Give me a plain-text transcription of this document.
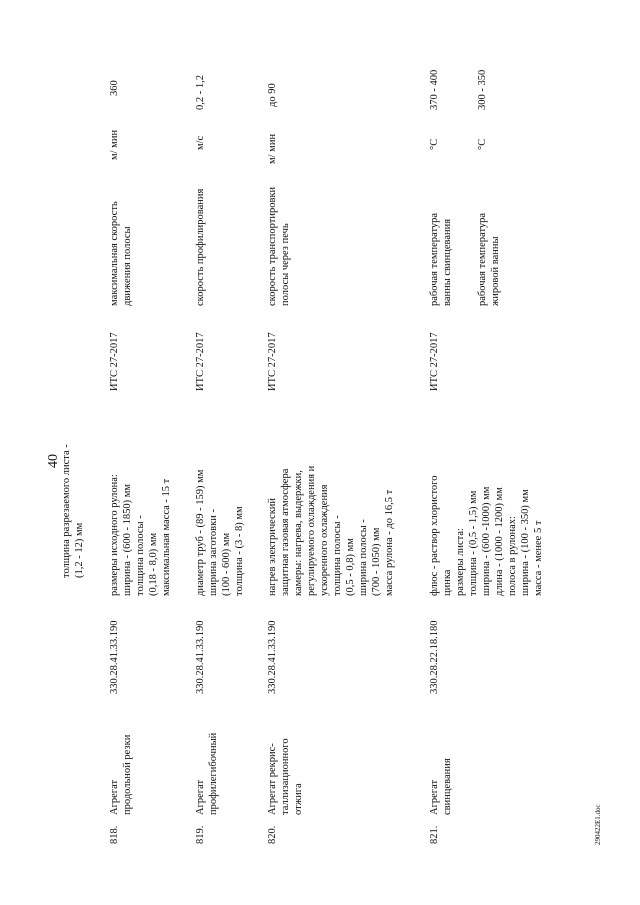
40
толщина разрезаемого листа -
(1,2 - 12) мм
818.
Агрегат
продольной резки
330.28.41.33.190
размеры исходного рулона:
ширина - (600 - 1850) мм
толщина полосы -
(0,18 - 8,0) мм
максимальная масса - 15 т
ИТС 27-2017
максимальная скорость
движения полосы
м/ мин
360
819.
Агрегат
профилегибочный
330.28.41.33.190
диаметр труб - (89 - 159) мм
ширина заготовки -
(100 - 600) мм
толщина - (3 - 8) мм
ИТС 27-2017
скорость профилирования
м/с
0,2 - 1,2
820.
Агрегат рекрис-
таллизационного
отжига
330.28.41.33.190
нагрев электрический
защитная газовая атмосфера
камеры: нагрева, выдержки,
регулируемого охлаждения и
ускоренного охлаждения
толщина полосы -
(0,5 - 0,8) мм
ширина полосы -
(700 - 1050) мм
масса рулона - до 16,5 т
ИТС 27-2017
скорость транспортировки
полосы через печь
м/ мин
до 90
821.
Агрегат
свинцевания
330.28.22.18.180
флюс - раствор хлористого
цинка
размеры листа:
толщина - (0,5 - 1,5) мм
ширина - (600 -1000) мм
длина - (1000 - 1200) мм
полоса в рулонах:
ширина - (100 - 350) мм
масса - менее 5 т
ИТС 27-2017
рабочая температура
ванны свинцевания
°С
370 - 400
рабочая температура
жировой ванны
°С
300 - 350
290422E1.doc
